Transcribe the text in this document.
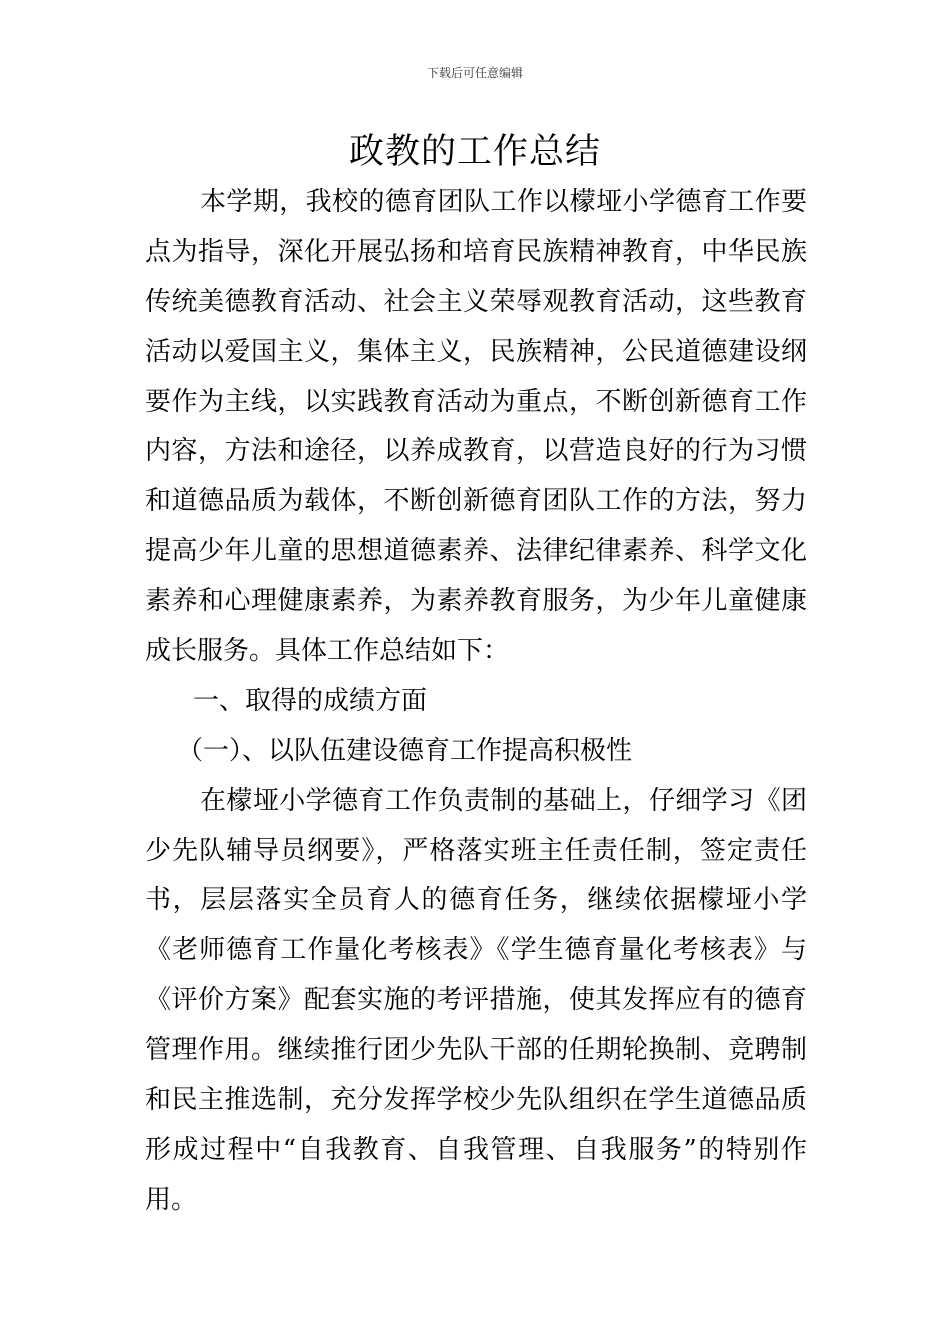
下载后可任意编辑
政教的工作总结
本学期，我校的德育团队工作以檬垭小学德育工作要
点为指导，深化开展弘扬和培育民族精神教育，中华民族
传统美德教育活动、社会主义荣辱观教育活动，这些教育
活动以爱国主义，集体主义，民族精神，公民道德建设纲
要作为主线，以实践教育活动为重点，不断创新德育工作
内容，方法和途径，以养成教育，以营造良好的行为习惯
和道德品质为载体，不断创新德育团队工作的方法，努力
提高少年儿童的思想道德素养、法律纪律素养、科学文化
素养和心理健康素养，为素养教育服务，为少年儿童健康
成长服务。具体工作总结如下：
一、取得的成绩方面
（一）、以队伍建设德育工作提高积极性
在檬垭小学德育工作负责制的基础上，仔细学习《团
少先队辅导员纲要》，严格落实班主任责任制，签定责任
书，层层落实全员育人的德育任务，继续依据檬垭小学
《老师德育工作量化考核表》《学生德育量化考核表》与
《评价方案》配套实施的考评措施，使其发挥应有的德育
管理作用。继续推行团少先队干部的任期轮换制、竞聘制
和民主推选制，充分发挥学校少先队组织在学生道德品质
形成过程中“自我教育、自我管理、自我服务”的特别作
用。
